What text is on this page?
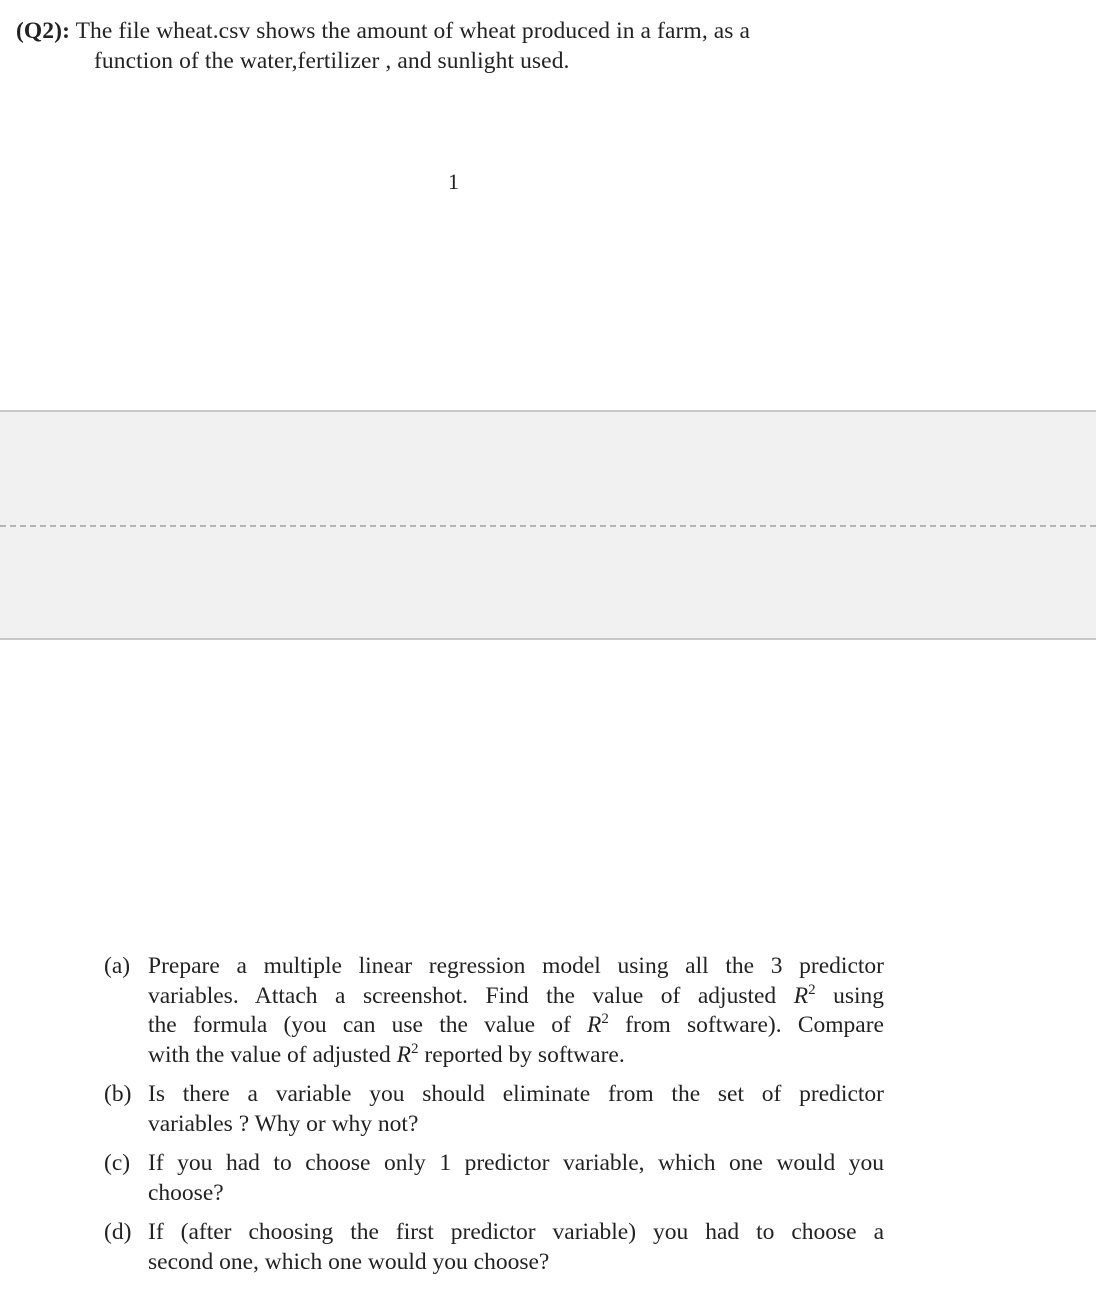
(Q2): The file wheat.csv shows the amount of wheat produced in a farm, as a
function of the water,fertilizer , and sunlight used.
1
(a) Prepare a multiple linear regression model using all the 3 predictor
variables. Attach a screenshot. Find the value of adjusted $R^2$ using
the formula (you can use the value of $R^2$ from software). Compare
with the value of adjusted $R^2$ reported by software.
(b) Is there a variable you should eliminate from the set of predictor
variables ? Why or why not?
(c) If you had to choose only 1 predictor variable, which one would you
choose?
(d) If (after choosing the first predictor variable) you had to choose a
second one, which one would you choose?
